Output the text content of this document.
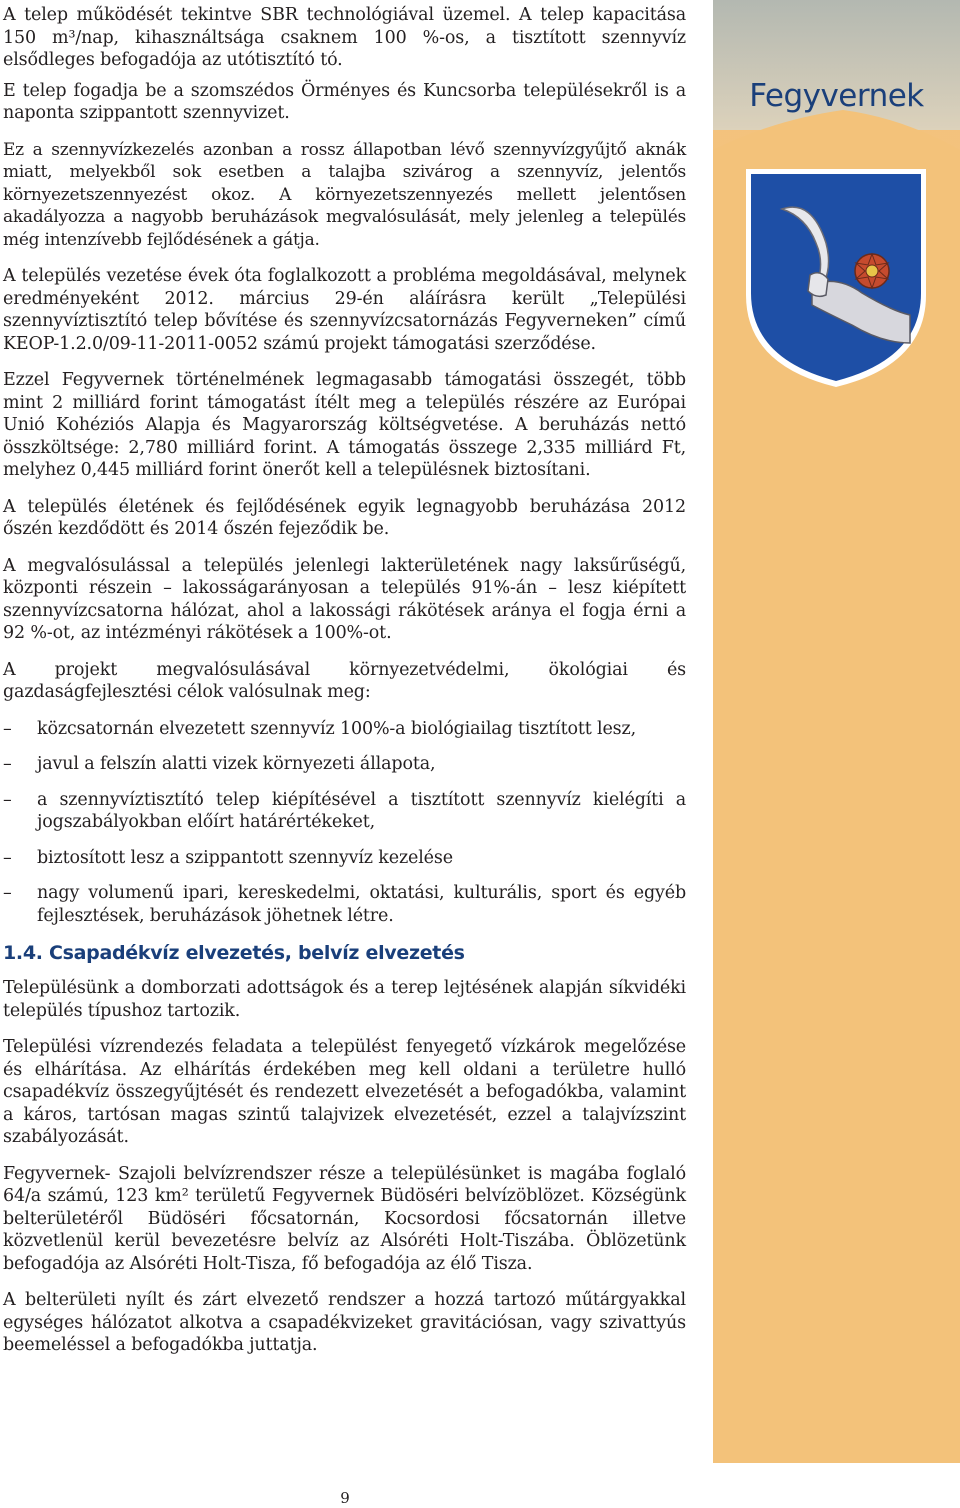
Fegyvernek

A telep működését tekintve SBR technológiával üzemel. A telep kapacitása 150 m³/nap, kihasználtsága csaknem 100 %-os, a tisztított szennyvíz elsődleges befogadója az utótisztító tó.

E telep fogadja be a szomszédos Örményes és Kuncsorba településekről is a naponta szippantott szennyvizet.

Ez a szennyvízkezelés azonban a rossz állapotban lévő szennyvízgyűjtő aknák miatt, melyekből sok esetben a talajba szivárog a szennyvíz, jelentős környezetszennyezést okoz. A környezetszennyezés mellett jelentősen akadályozza a nagyobb beruházások megvalósulását, mely jelenleg a település még intenzívebb fejlődésének a gátja.

A település vezetése évek óta foglalkozott a probléma megoldásával, melynek eredményeként 2012. március 29-én aláírásra került „Települési szennyvíztisztító telep bővítése és szennyvízcsatornázás Fegyverneken” című KEOP-1.2.0/09-11-2011-0052 számú projekt támogatási szerződése.

Ezzel Fegyvernek történelmének legmagasabb támogatási összegét, több mint 2 milliárd forint támogatást ítélt meg a település részére az Európai Unió Kohéziós Alapja és Magyarország költségvetése. A beruházás nettó összköltsége: 2,780 milliárd forint. A támogatás összege 2,335 milliárd Ft, melyhez 0,445 milliárd forint önerőt kell a településnek biztosítani.

A település életének és fejlődésének egyik legnagyobb beruházása 2012 őszén kezdődött és 2014 őszén fejeződik be.

A megvalósulással a település jelenlegi lakterületének nagy laksűrűségű, központi részein – lakosságarányosan a település 91%-án – lesz kiépített szennyvízcsatorna hálózat, ahol a lakossági rákötések aránya el fogja érni a 92 %-ot, az intézményi rákötések a 100%-ot.

A projekt megvalósulásával környezetvédelmi, ökológiai és gazdaságfejlesztési célok valósulnak meg:

– közcsatornán elvezetett szennyvíz 100%-a biológiailag tisztított lesz,
– javul a felszín alatti vizek környezeti állapota,
– a szennyvíztisztító telep kiépítésével a tisztított szennyvíz kielégíti a jogszabályokban előírt határértékeket,
– biztosított lesz a szippantott szennyvíz kezelése
– nagy volumenű ipari, kereskedelmi, oktatási, kulturális, sport és egyéb fejlesztések, beruházások jöhetnek létre.
1.4. Csapadékvíz elvezetés, belvíz elvezetés

Településünk a domborzati adottságok és a terep lejtésének alapján síkvidéki település típushoz tartozik.

Települési vízrendezés feladata a települést fenyegető vízkárok megelőzése és elhárítása. Az elhárítás érdekében meg kell oldani a területre hulló csapadékvíz összegyűjtését és rendezett elvezetését a befogadókba, valamint a káros, tartósan magas szintű talajvizek elvezetését, ezzel a talajvízszint szabályozását.

Fegyvernek- Szajoli belvízrendszer része a településünket is magába foglaló 64/a számú, 123 km² területű Fegyvernek Büdöséri belvízöblözet. Községünk belterületéről Büdöséri főcsatornán, Kocsordosi főcsatornán illetve közvetlenül kerül bevezetésre belvíz az Alsóréti Holt-Tiszába. Öblözetünk befogadója az Alsóréti Holt-Tisza, fő befogadója az élő Tisza.

A belterületi nyílt és zárt elvezető rendszer a hozzá tartozó műtárgyakkal egységes hálózatot alkotva a csapadékvizeket gravitációsan, vagy szivattyús beemeléssel a befogadókba juttatja.

9
